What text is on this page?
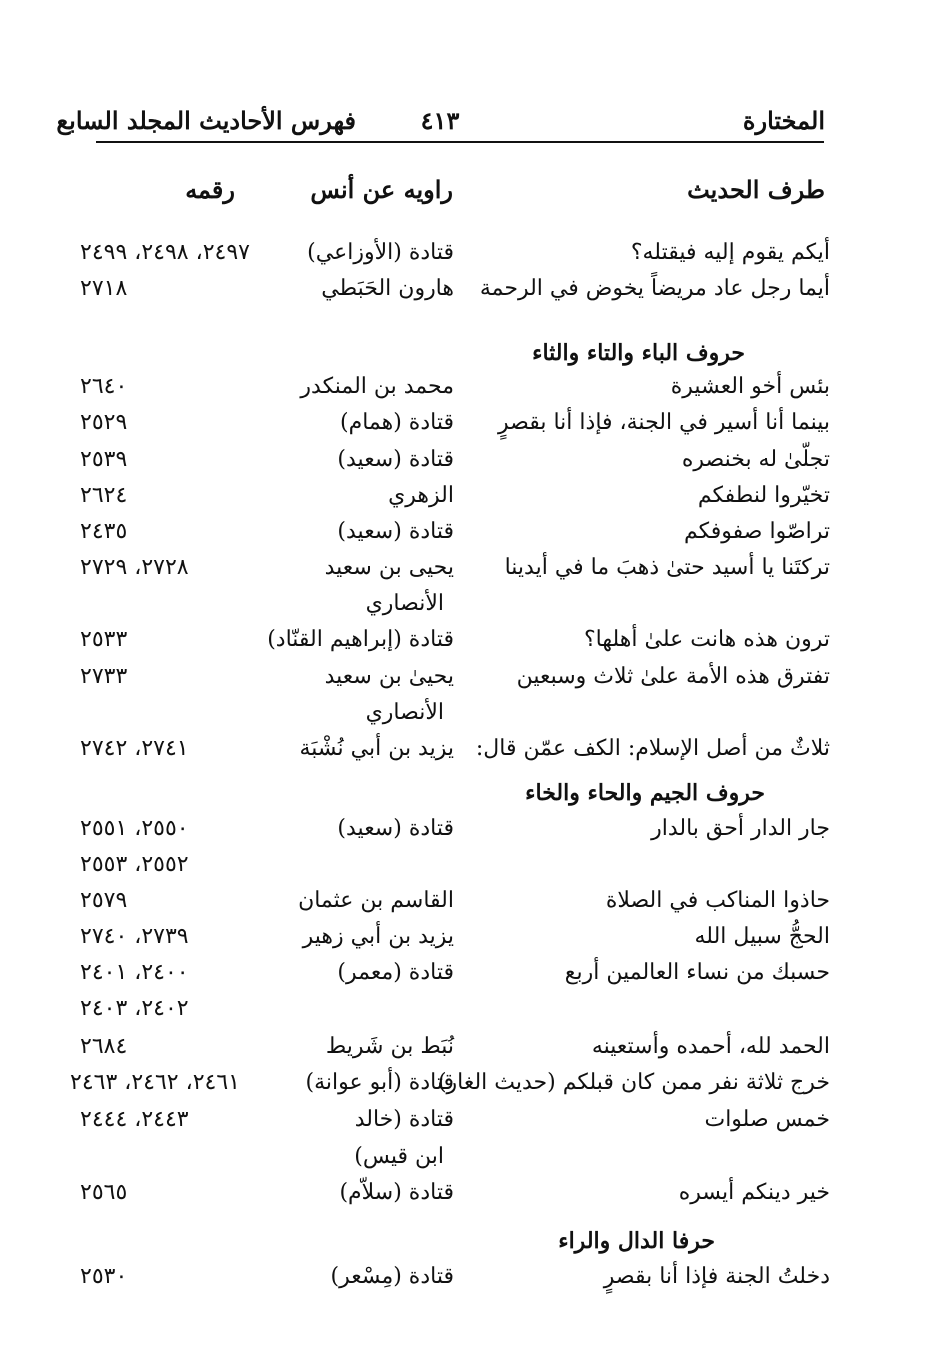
فهرس الأحاديث المجلد السابع	٤١٣	المختارة
طرف الحديث
راويه عن أنس
رقمه
أيكم يقوم إليه فيقتله؟
قتادة (الأوزاعي)
٢٤٩٧، ٢٤٩٨، ٢٤٩٩
أيما رجل عاد مريضاً يخوض في الرحمة
هارون الحَبَطي
٢٧١٨
حروف الباء والتاء والثاء
بئس أخو العشيرة
محمد بن المنكدر
٢٦٤٠
بينما أنا أسير في الجنة، فإذا أنا بقصرٍ
قتادة (همام)
٢٥٢٩
تجلّىٰ له بخنصره
قتادة (سعيد)
٢٥٣٩
تخيّروا لنطفكم
الزهري
٢٦٢٤
تراصّوا صفوفكم
قتادة (سعيد)
٢٤٣٥
تركتَنا يا أسيد حتىٰ ذهبَ ما في أيدينا
يحيى بن سعيد
٢٧٢٨، ٢٧٢٩
الأنصاري
ترون هذه هانت علىٰ أهلها؟
قتادة (إبراهيم القنّاد)
٢٥٣٣
تفترق هذه الأمة علىٰ ثلاث وسبعين
يحيىٰ بن سعيد
٢٧٣٣
الأنصاري
ثلاثٌ من أصل الإسلام: الكف عمّن قال:
يزيد بن أبي نُشْبَة
٢٧٤١، ٢٧٤٢
حروف الجيم والحاء والخاء
جار الدار أحق بالدار
قتادة (سعيد)
٢٥٥٠، ٢٥٥١
٢٥٥٢، ٢٥٥٣
حاذوا المناكب في الصلاة
القاسم بن عثمان
٢٥٧٩
الحجُّ سبيل الله
يزيد بن أبي زهير
٢٧٣٩، ٢٧٤٠
حسبك من نساء العالمين أربع
قتادة (معمر)
٢٤٠٠، ٢٤٠١
٢٤٠٢، ٢٤٠٣
الحمد لله، أحمده وأستعينه
نُبَط بن شَريط
٢٦٨٤
خرج ثلاثة نفر ممن كان قبلكم (حديث الغار)
قتادة (أبو عوانة)
٢٤٦١، ٢٤٦٢، ٢٤٦٣
خمس صلوات
قتادة (خالد
٢٤٤٣، ٢٤٤٤
ابن قيس)
خير دينكم أيسره
قتادة (سلاّم)
٢٥٦٥
حرفا الدال والراء
دخلتُ الجنة فإذا أنا بقصرٍ
قتادة (مِسْعر)
٢٥٣٠
